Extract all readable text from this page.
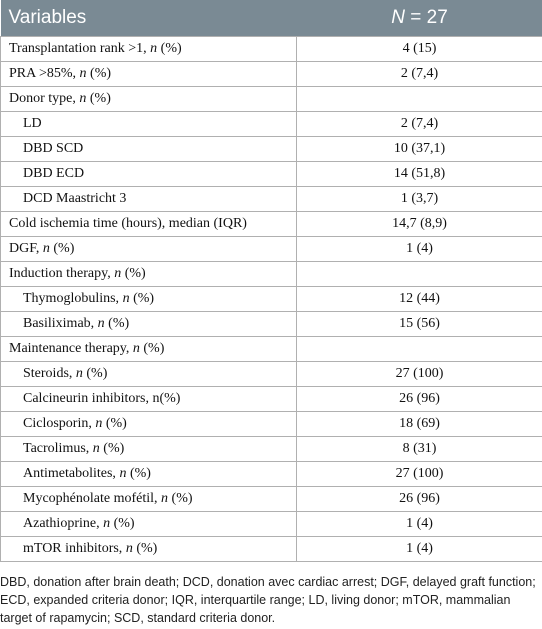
Variables	N = 27
Transplantation rank >1, n (%)	4 (15)
PRA >85%, n (%)	2 (7,4)
Donor type, n (%)	
LD	2 (7,4)
DBD SCD	10 (37,1)
DBD ECD	14 (51,8)
DCD Maastricht 3	1 (3,7)
Cold ischemia time (hours), median (IQR)	14,7 (8,9)
DGF, n (%)	1 (4)
Induction therapy, n (%)	
Thymoglobulins, n (%)	12 (44)
Basiliximab, n (%)	15 (56)
Maintenance therapy, n (%)	
Steroids, n (%)	27 (100)
Calcineurin inhibitors, n(%)	26 (96)
Ciclosporin, n (%)	18 (69)
Tacrolimus, n (%)	8 (31)
Antimetabolites, n (%)	27 (100)
Mycophénolate mofétil, n (%)	26 (96)
Azathioprine, n (%)	1 (4)
mTOR inhibitors, n (%)	1 (4)
DBD, donation after brain death; DCD, donation avec cardiac arrest; DGF, delayed graft function; ECD, expanded criteria donor; IQR, interquartile range; LD, living donor; mTOR, mammalian target of rapamycin; SCD, standard criteria donor.
